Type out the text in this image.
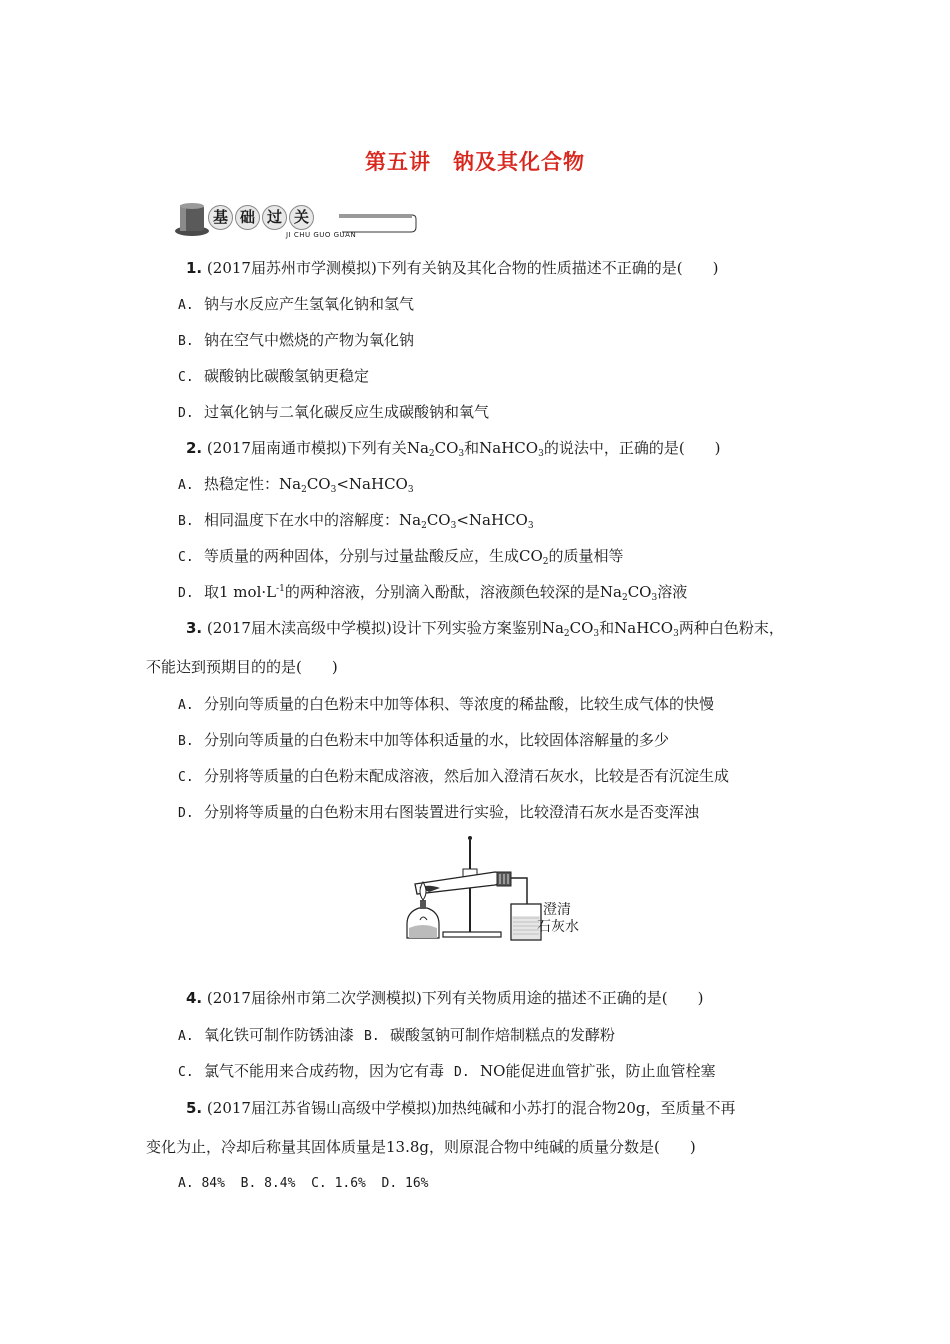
第五讲　钠及其化合物
基 础 过 关
JI CHU GUO GUAN
1. (2017届苏州市学测模拟)下列有关钠及其化合物的性质描述不正确的是(　　)
A. 钠与水反应产生氢氧化钠和氢气
B. 钠在空气中燃烧的产物为氧化钠
C. 碳酸钠比碳酸氢钠更稳定
D. 过氧化钠与二氧化碳反应生成碳酸钠和氧气
2. (2017届南通市模拟)下列有关$Na_2CO_3$和NaHCO$_3$的说法中，正确的是(　　)
A. 热稳定性：$Na_2CO_3<NaHCO_3$
B. 相同温度下在水中的溶解度：$Na_2CO_3<NaHCO_3$
C. 等质量的两种固体，分别与过量盐酸反应，生成$CO_2$的质量相等
D. 取1 $mol\cdot L^{-1}$的两种溶液，分别滴入酚酞，溶液颜色较深的是$Na_2CO_3$溶液
3. (2017届木渎高级中学模拟)设计下列实验方案鉴别$Na_2CO_3$和NaHCO$_3$两种白色粉末，
不能达到预期目的的是(　　)
A. 分别向等质量的白色粉末中加等体积、等浓度的稀盐酸，比较生成气体的快慢
B. 分别向等质量的白色粉末中加等体积适量的水，比较固体溶解量的多少
C. 分别将等质量的白色粉末配成溶液，然后加入澄清石灰水，比较是否有沉淀生成
D. 分别将等质量的白色粉末用右图装置进行实验，比较澄清石灰水是否变浑浊
澄清
石灰水
4. (2017届徐州市第二次学测模拟)下列有关物质用途的描述不正确的是(　　)
A. 氧化铁可制作防锈油漆 B. 碳酸氢钠可制作焙制糕点的发酵粉
C. 氯气不能用来合成药物，因为它有毒 D. NO能促进血管扩张，防止血管栓塞
5. (2017届江苏省锡山高级中学模拟)加热纯碱和小苏打的混合物20g，至质量不再
变化为止，冷却后称量其固体质量是13.8g，则原混合物中纯碱的质量分数是(　　)
A. 84% B. 8.4% C. 1.6% D. 16%
